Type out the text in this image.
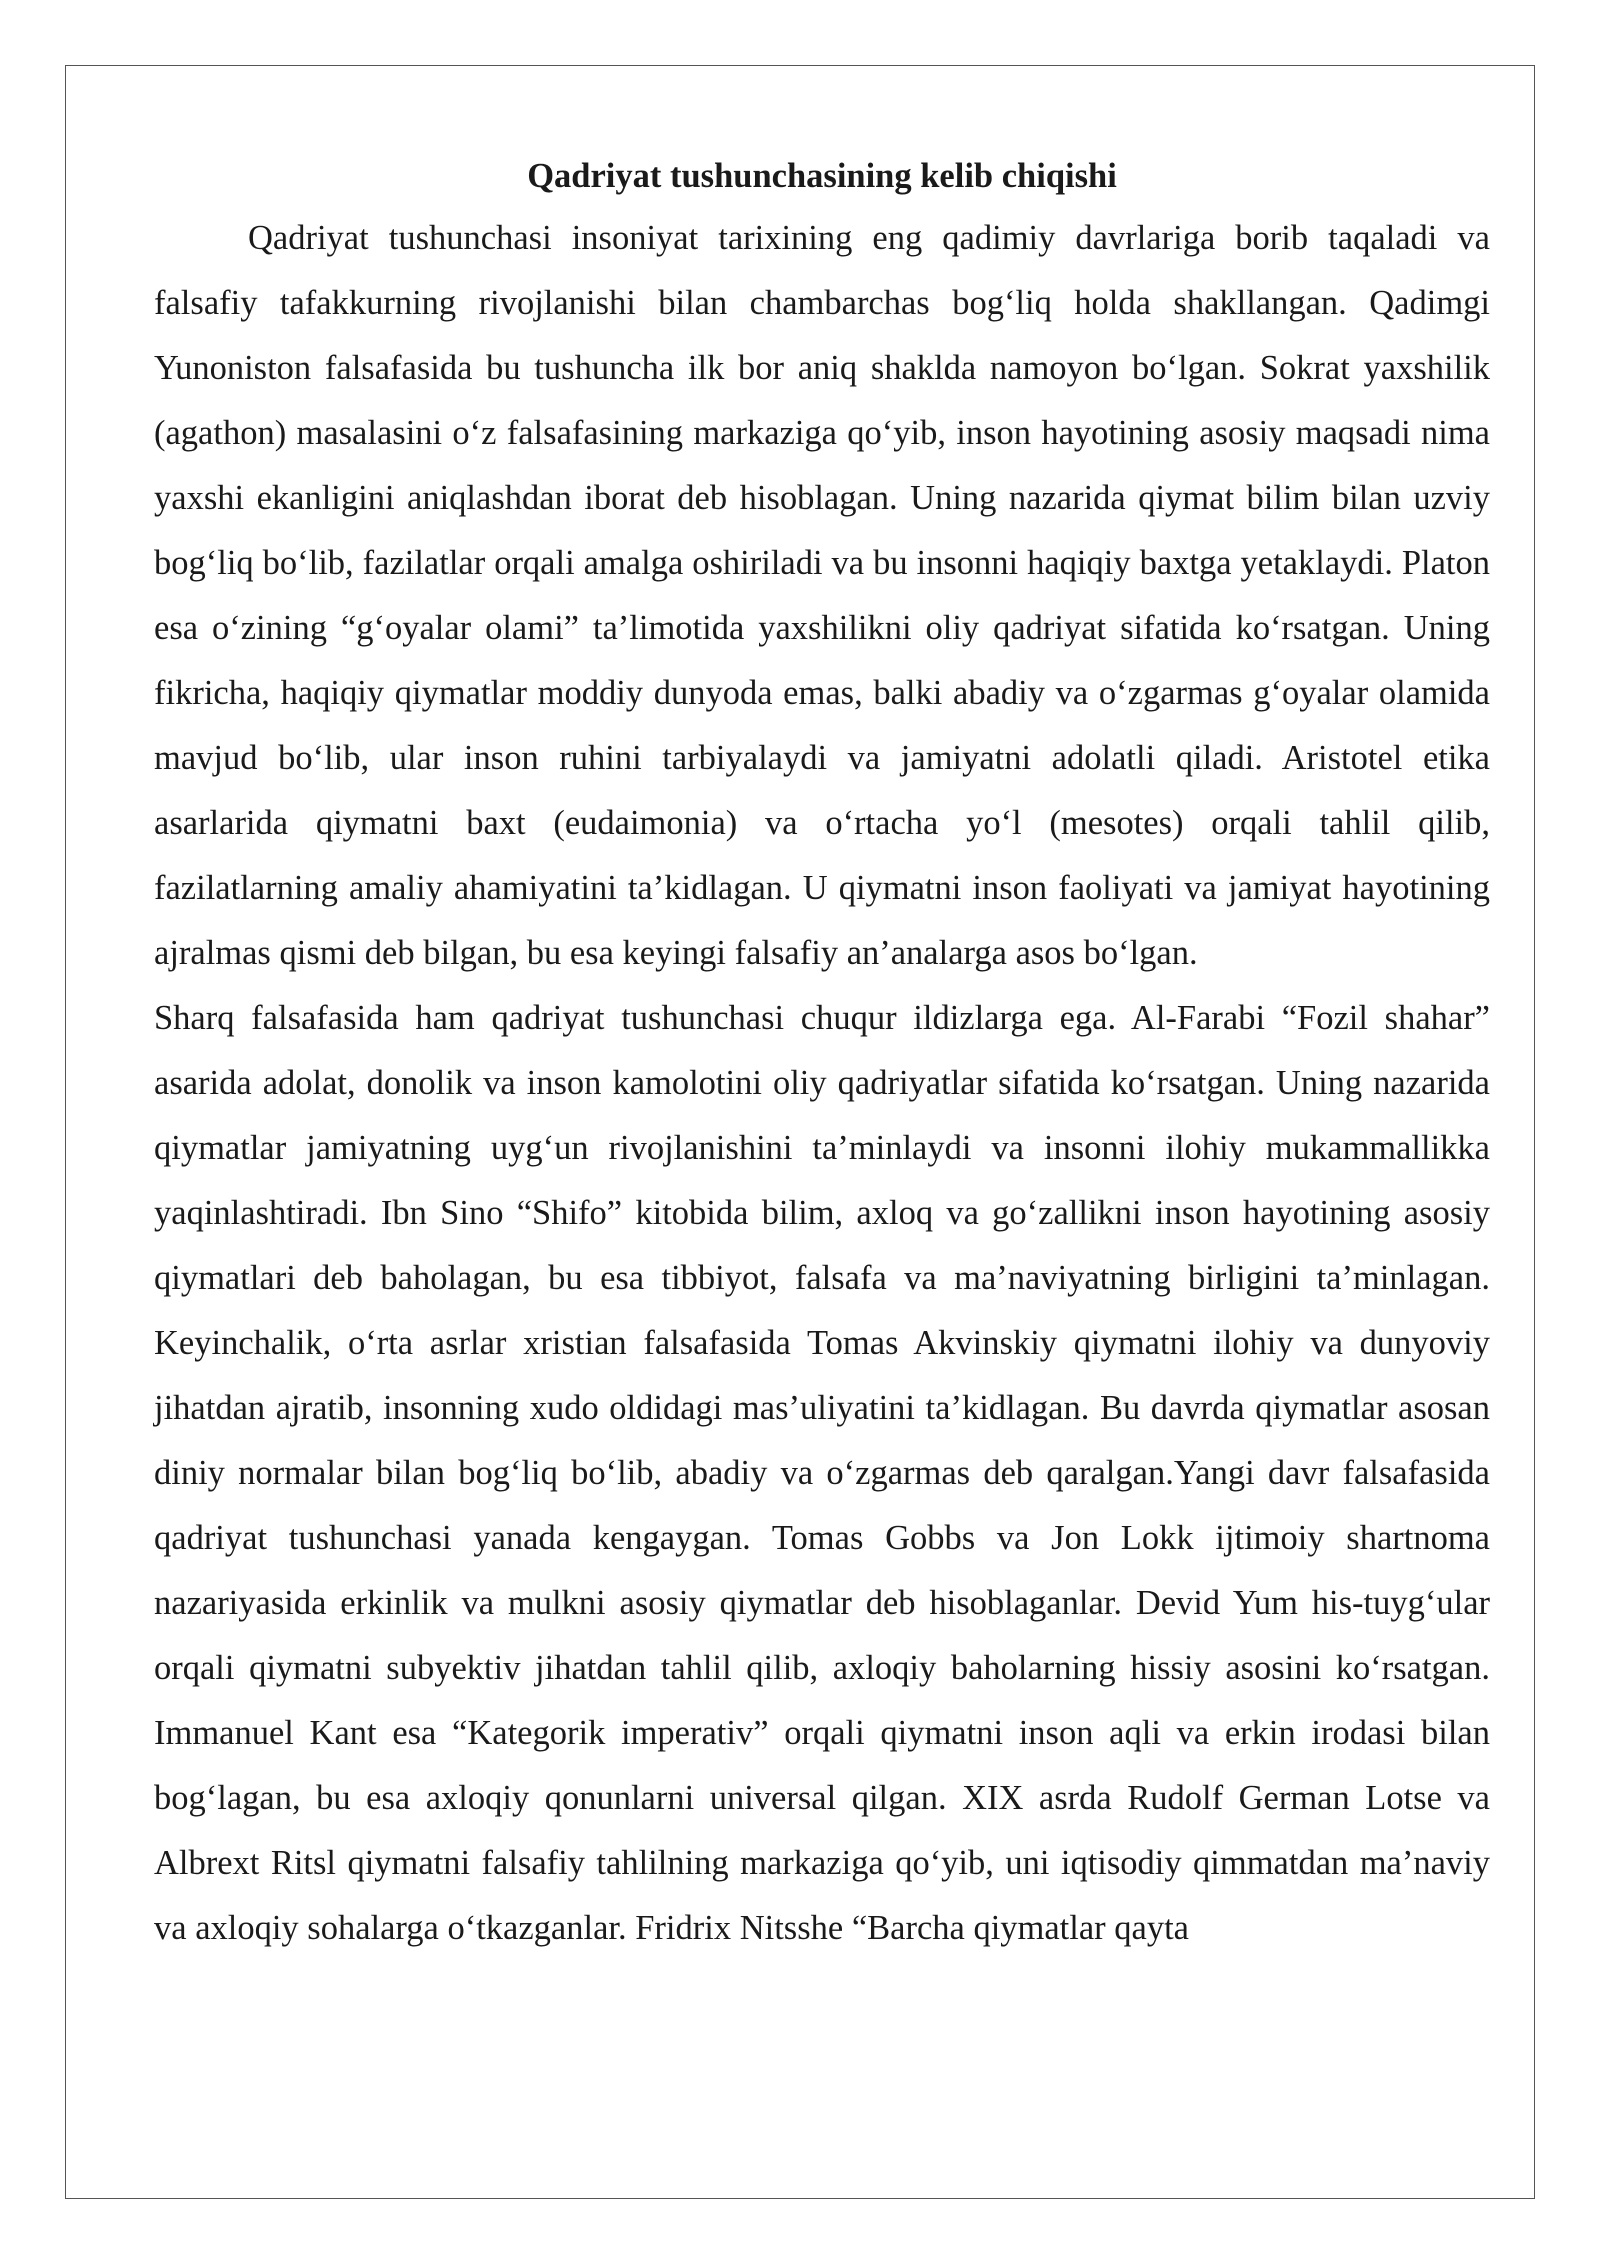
Qadriyat tushunchasining kelib chiqishi

Qadriyat tushunchasi insoniyat tarixining eng qadimiy davrlariga borib taqaladi va falsafiy tafakkurning rivojlanishi bilan chambarchas bog‘liq holda shakllangan. Qadimgi Yunoniston falsafasida bu tushuncha ilk bor aniq shaklda namoyon bo‘lgan. Sokrat yaxshilik (agathon) masalasini o‘z falsafasining markaziga qo‘yib, inson hayotining asosiy maqsadi nima yaxshi ekanligini aniqlashdan iborat deb hisoblagan. Uning nazarida qiymat bilim bilan uzviy bog‘liq bo‘lib, fazilatlar orqali amalga oshiriladi va bu insonni haqiqiy baxtga yetaklaydi. Platon esa o‘zining “g‘oyalar olami” ta’limotida yaxshilikni oliy qadriyat sifatida ko‘rsatgan. Uning fikricha, haqiqiy qiymatlar moddiy dunyoda emas, balki abadiy va o‘zgarmas g‘oyalar olamida mavjud bo‘lib, ular inson ruhini tarbiyalaydi va jamiyatni adolatli qiladi. Aristotel etika asarlarida qiymatni baxt (eudaimonia) va o‘rtacha yo‘l (mesotes) orqali tahlil qilib, fazilatlarning amaliy ahamiyatini ta’kidlagan. U qiymatni inson faoliyati va jamiyat hayotining ajralmas qismi deb bilgan, bu esa keyingi falsafiy an’analarga asos bo‘lgan.

Sharq falsafasida ham qadriyat tushunchasi chuqur ildizlarga ega. Al-Farabi “Fozil shahar” asarida adolat, donolik va inson kamolotini oliy qadriyatlar sifatida ko‘rsatgan. Uning nazarida qiymatlar jamiyatning uyg‘un rivojlanishini ta’minlaydi va insonni ilohiy mukammallikka yaqinlashtiradi. Ibn Sino “Shifo” kitobida bilim, axloq va go‘zallikni inson hayotining asosiy qiymatlari deb baholagan, bu esa tibbiyot, falsafa va ma’naviyatning birligini ta’minlagan. Keyinchalik, o‘rta asrlar xristian falsafasida Tomas Akvinskiy qiymatni ilohiy va dunyoviy jihatdan ajratib, insonning xudo oldidagi mas’uliyatini ta’kidlagan. Bu davrda qiymatlar asosan diniy normalar bilan bog‘liq bo‘lib, abadiy va o‘zgarmas deb qaralgan.Yangi davr falsafasida qadriyat tushunchasi yanada kengaygan. Tomas Gobbs va Jon Lokk ijtimoiy shartnoma nazariyasida erkinlik va mulkni asosiy qiymatlar deb hisoblaganlar. Devid Yum his-tuyg‘ular orqali qiymatni subyektiv jihatdan tahlil qilib, axloqiy baholarning hissiy asosini ko‘rsatgan. Immanuel Kant esa “Kategorik imperativ” orqali qiymatni inson aqli va erkin irodasi bilan bog‘lagan, bu esa axloqiy qonunlarni universal qilgan. XIX asrda Rudolf German Lotse va Albrext Ritsl qiymatni falsafiy tahlilning markaziga qo‘yib, uni iqtisodiy qimmatdan ma’naviy va axloqiy sohalarga o‘tkazganlar. Fridrix Nitsshe “Barcha qiymatlar qayta
